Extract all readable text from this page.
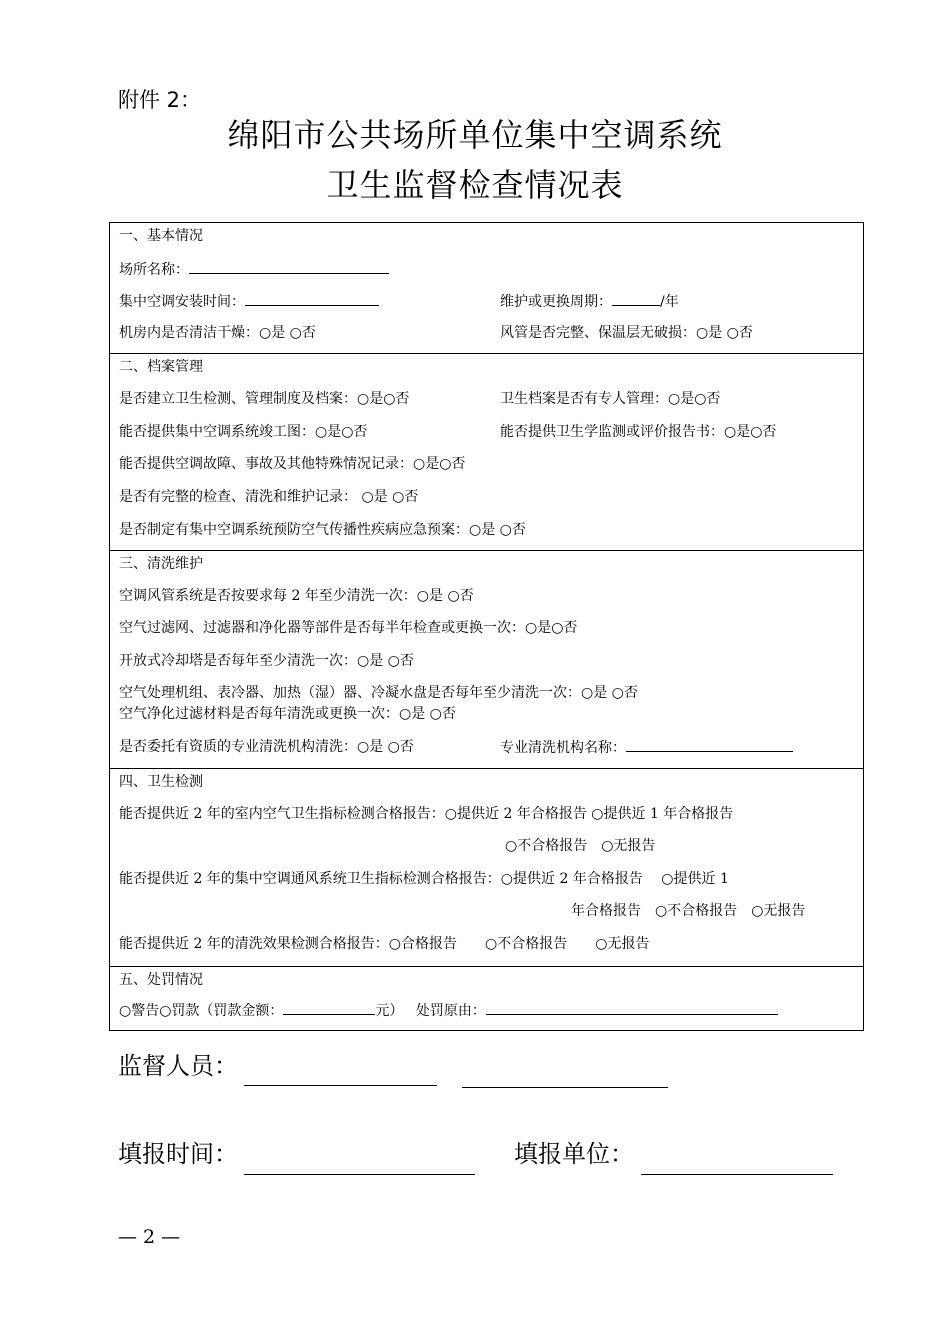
附件 2：
绵阳市公共场所单位集中空调系统
卫生监督检查情况表
一、基本情况
场所名称：
集中空调安装时间：	维护或更换周期：	/年
机房内是否清洁干燥：○是 ○否	风管是否完整、保温层无破损：○是 ○否
二、档案管理
是否建立卫生检测、管理制度及档案：○是○否	卫生档案是否有专人管理：○是○否
能否提供集中空调系统竣工图：○是○否	能否提供卫生学监测或评价报告书：○是○否
能否提供空调故障、事故及其他特殊情况记录：○是○否
是否有完整的检查、清洗和维护记录： ○是 ○否
是否制定有集中空调系统预防空气传播性疾病应急预案：○是 ○否
三、清洗维护
空调风管系统是否按要求每 2 年至少清洗一次：○是 ○否
空气过滤网、过滤器和净化器等部件是否每半年检查或更换一次：○是○否
开放式冷却塔是否每年至少清洗一次：○是 ○否
空气处理机组、表冷器、加热（湿）器、冷凝水盘是否每年至少清洗一次：○是 ○否
空气净化过滤材料是否每年清洗或更换一次：○是 ○否
是否委托有资质的专业清洗机构清洗：○是 ○否	专业清洗机构名称：
四、卫生检测
能否提供近 2 年的室内空气卫生指标检测合格报告：○提供近 2 年合格报告 ○提供近 1 年合格报告
○不合格报告　○无报告
能否提供近 2 年的集中空调通风系统卫生指标检测合格报告：○提供近 2 年合格报告　 ○提供近 1
年合格报告　○不合格报告　○无报告
能否提供近 2 年的清洗效果检测合格报告：○合格报告　　○不合格报告　　○无报告
五、处罚情况
○警告○罚款（罚款金额：	元） 处罚原由：
监督人员：
填报时间：	填报单位：
— 2 —
